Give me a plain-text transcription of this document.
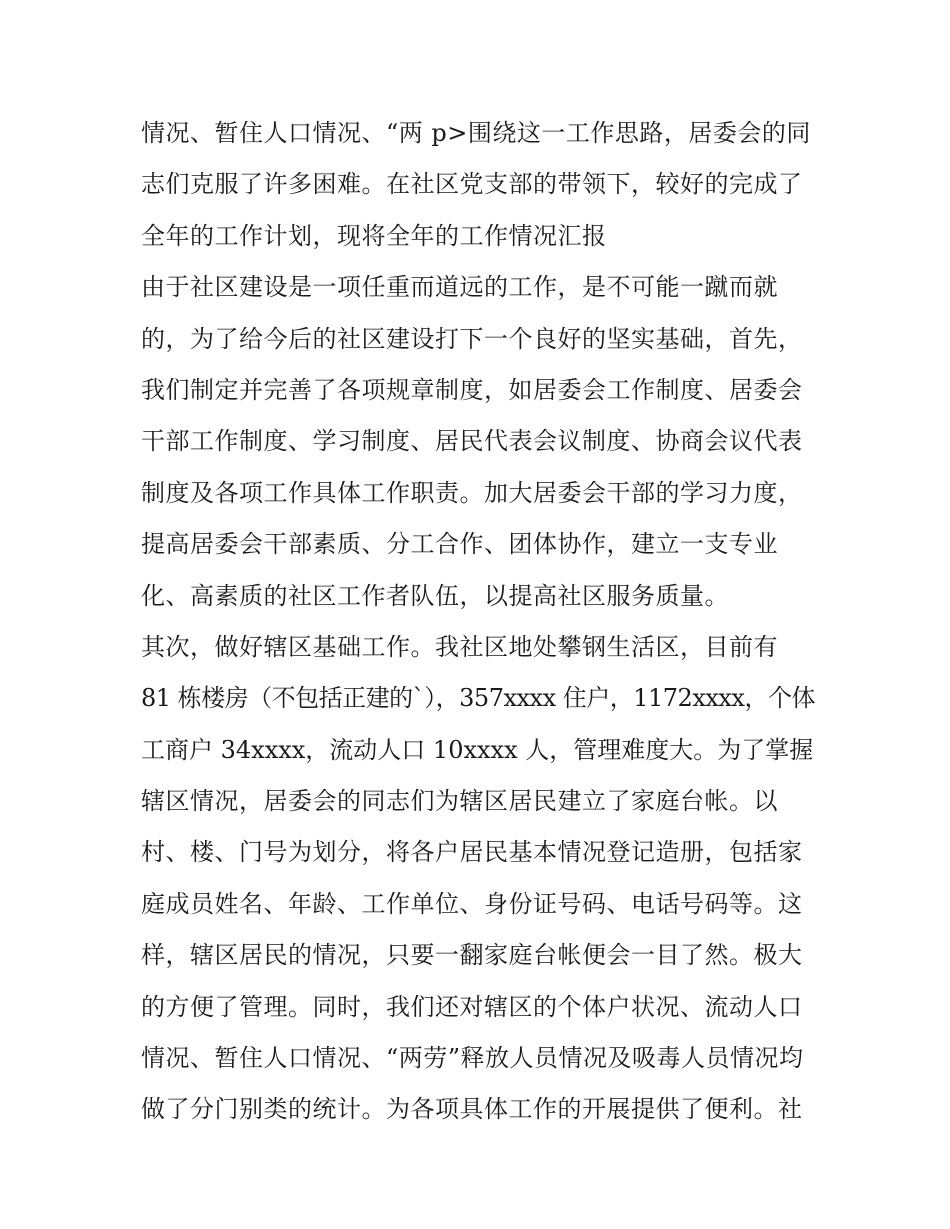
情况、暂住人口情况、“两 p>围绕这一工作思路，居委会的同
志们克服了许多困难。在社区党支部的带领下，较好的完成了
全年的工作计划，现将全年的工作情况汇报
由于社区建设是一项任重而道远的工作，是不可能一蹴而就
的，为了给今后的社区建设打下一个良好的坚实基础，首先，
我们制定并完善了各项规章制度，如居委会工作制度、居委会
干部工作制度、学习制度、居民代表会议制度、协商会议代表
制度及各项工作具体工作职责。加大居委会干部的学习力度，
提高居委会干部素质、分工合作、团体协作，建立一支专业
化、高素质的社区工作者队伍，以提高社区服务质量。
其次，做好辖区基础工作。我社区地处攀钢生活区，目前有
81 栋楼房（不包括正建的`），357xxxx 住户，1172xxxx，个体
工商户 34xxxx，流动人口 10xxxx 人，管理难度大。为了掌握
辖区情况，居委会的同志们为辖区居民建立了家庭台帐。以
村、楼、门号为划分，将各户居民基本情况登记造册，包括家
庭成员姓名、年龄、工作单位、身份证号码、电话号码等。这
样，辖区居民的情况，只要一翻家庭台帐便会一目了然。极大
的方便了管理。同时，我们还对辖区的个体户状况、流动人口
情况、暂住人口情况、“两劳”释放人员情况及吸毒人员情况均
做了分门别类的统计。为各项具体工作的开展提供了便利。社
